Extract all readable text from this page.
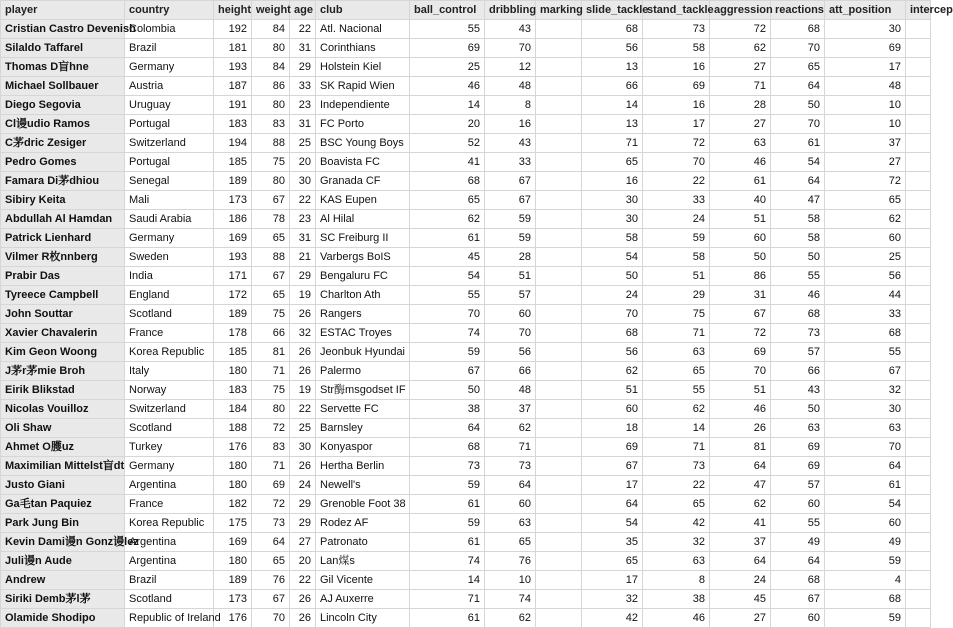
player	country	height	weight	age	club	ball_control	dribbling	marking	slide_tackle	stand_tackle	aggression	reactions	att_position	intercep
Cristian Castro Devenish	Colombia	192	84	22	Atl. Nacional	55	43		68	73	72	68	30	
Silaldo Taffarel	Brazil	181	80	31	Corinthians	69	70		56	58	62	70	69	
Thomas D盲hne	Germany	193	84	29	Holstein Kiel	25	12		13	16	27	65	17	
Michael Sollbauer	Austria	187	86	33	SK Rapid Wien	46	48		66	69	71	64	48	
Diego Segovia	Uruguay	191	80	23	Independiente	14	8		14	16	28	50	10	
Cl谩udio Ramos	Portugal	183	83	31	FC Porto	20	16		13	17	27	70	10	
C茅dric Zesiger	Switzerland	194	88	25	BSC Young Boys	52	43		71	72	63	61	37	
Pedro Gomes	Portugal	185	75	20	Boavista FC	41	33		65	70	46	54	27	
Famara Di茅dhiou	Senegal	189	80	30	Granada CF	68	67		16	22	61	64	72	
Sibiry Keita	Mali	173	67	22	KAS Eupen	65	67		30	33	40	47	65	
Abdullah Al Hamdan	Saudi Arabia	186	78	23	Al Hilal	62	59		30	24	51	58	62	
Patrick Lienhard	Germany	169	65	31	SC Freiburg II	61	59		58	59	60	58	60	
Vilmer R枚nnberg	Sweden	193	88	21	Varbergs BoIS	45	28		54	58	50	50	25	
Prabir Das	India	171	67	29	Bengaluru FC	54	51		50	51	86	55	56	
Tyreece Campbell	England	172	65	19	Charlton Ath	55	57		24	29	31	46	44	
John Souttar	Scotland	189	75	26	Rangers	70	60		70	75	67	68	33	
Xavier Chavalerin	France	178	66	32	ESTAC Troyes	74	70		68	71	72	73	68	
Kim Geon Woong	Korea Republic	185	81	26	Jeonbuk Hyundai	59	56		56	63	69	57	55	
J茅r茅mie Broh	Italy	180	71	26	Palermo	67	66		62	65	70	66	67	
Eirik Blikstad	Norway	183	75	19	Str酶msgodset IF	50	48		51	55	51	43	32	
Nicolas Vouilloz	Switzerland	184	80	22	Servette FC	38	37		60	62	46	50	30	
Oli Shaw	Scotland	188	72	25	Barnsley	64	62		18	14	26	63	63	
Ahmet O臒uz	Turkey	176	83	30	Konyaspor	68	71		69	71	81	69	70	
Maximilian Mittelst盲dt	Germany	180	71	26	Hertha Berlin	73	73		67	73	64	69	64	
Justo Giani	Argentina	180	69	24	Newell's	59	64		17	22	47	57	61	
Ga毛tan Paquiez	France	182	72	29	Grenoble Foot 38	61	60		64	65	62	60	54	
Park Jung Bin	Korea Republic	175	73	29	Rodez AF	59	63		54	42	41	55	60	
Kevin Dami谩n Gonz谩lez	Argentina	169	64	27	Patronato	61	65		35	32	37	49	49	
Juli谩n Aude	Argentina	180	65	20	Lan煤s	74	76		65	63	64	64	59	
Andrew	Brazil	189	76	22	Gil Vicente	14	10		17	8	24	68	4	
Siriki Demb茅l茅	Scotland	173	67	26	AJ Auxerre	71	74		32	38	45	67	68	
Olamide Shodipo	Republic of Ireland	176	70	26	Lincoln City	61	62		42	46	27	60	59	
